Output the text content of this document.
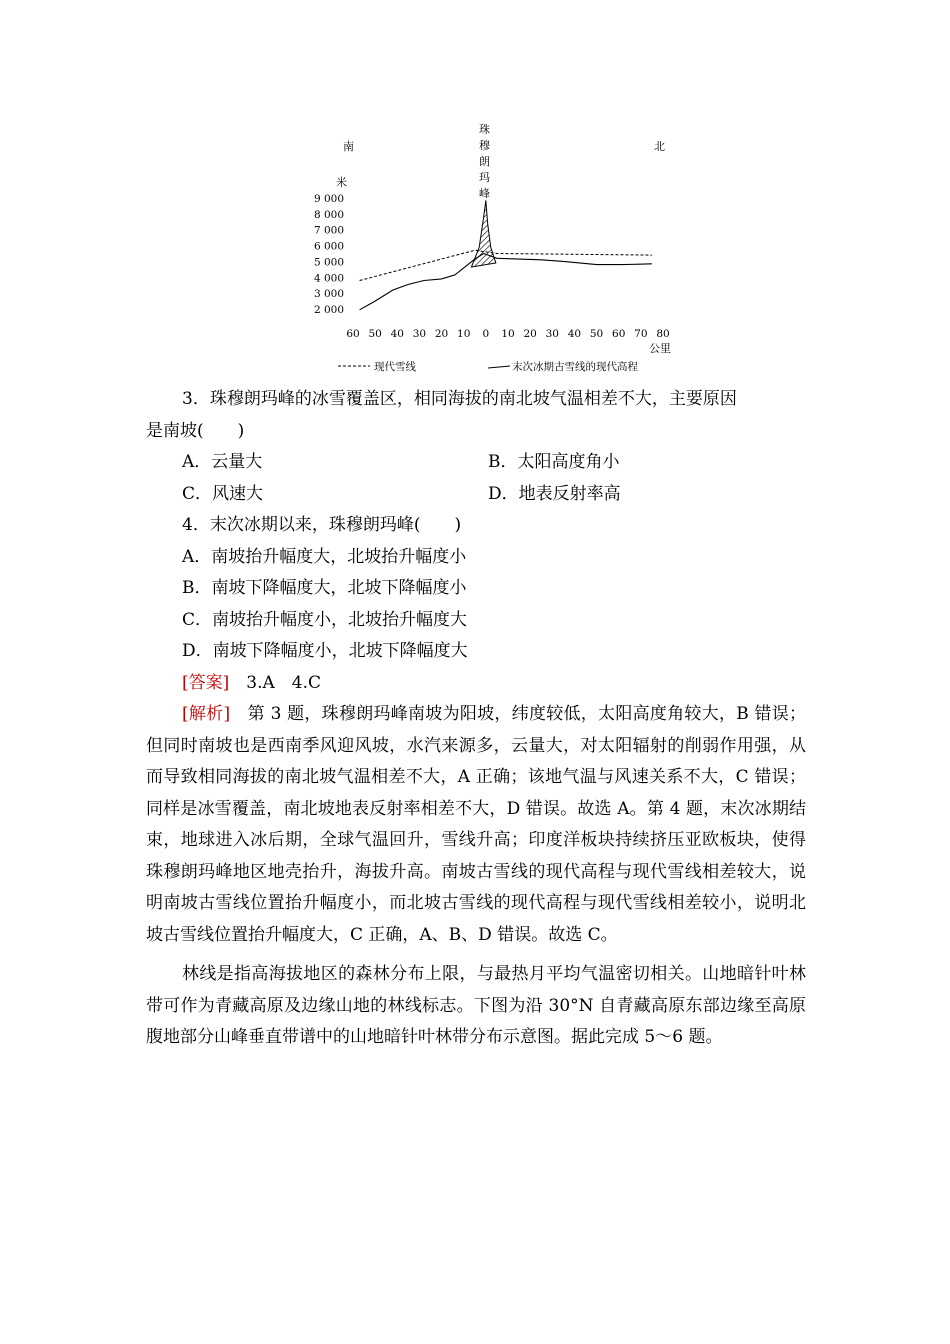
南	北
珠
穆
朗
玛
峰
米
公里
2 000
3 000
4 000
5 000
6 000
7 000
8 000
9 000
60 50 40 30 20 10 0 10 20 30 40 50 60 70 80
现代雪线	末次冰期古雪线的现代高程

3．珠穆朗玛峰的冰雪覆盖区，相同海拔的南北坡气温相差不大，主要原因

是南坡(　　)

A．云量大	B．太阳高度角小
C．风速大	D．地表反射率高

4．末次冰期以来，珠穆朗玛峰(　　)

A．南坡抬升幅度大，北坡抬升幅度小

B．南坡下降幅度大，北坡下降幅度小

C．南坡抬升幅度小，北坡抬升幅度大

D．南坡下降幅度小，北坡下降幅度大

[答案]　3.A　4.C

[解析]　第 3 题，珠穆朗玛峰南坡为阳坡，纬度较低，太阳高度角较大，B 错误；但同时南坡也是西南季风迎风坡，水汽来源多，云量大，对太阳辐射的削弱作用强，从而导致相同海拔的南北坡气温相差不大，A 正确；该地气温与风速关系不大，C 错误；同样是冰雪覆盖，南北坡地表反射率相差不大，D 错误。故选 A。第 4 题，末次冰期结束，地球进入冰后期，全球气温回升，雪线升高；印度洋板块持续挤压亚欧板块，使得珠穆朗玛峰地区地壳抬升，海拔升高。南坡古雪线的现代高程与现代雪线相差较大，说明南坡古雪线位置抬升幅度小，而北坡古雪线的现代高程与现代雪线相差较小，说明北坡古雪线位置抬升幅度大，C 正确，A、B、D 错误。故选 C。

林线是指高海拔地区的森林分布上限，与最热月平均气温密切相关。山地暗针叶林带可作为青藏高原及边缘山地的林线标志。下图为沿 30°N 自青藏高原东部边缘至高原腹地部分山峰垂直带谱中的山地暗针叶林带分布示意图。据此完成 5～6 题。
